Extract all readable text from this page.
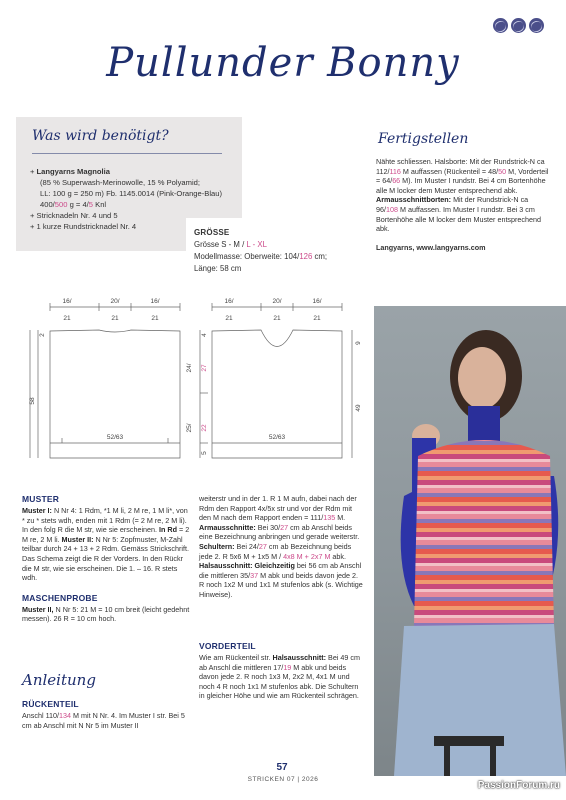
Pullunder Bonny
Was wird benötigt?
+ Langyarns Magnolia
(85 % Superwash-Merinowolle, 15 % Polyamid;
LL: 100 g = 250 m) Fb. 1145.0014 (Pink-Orange-Blau)
400/500 g = 4/5 Knl
+ Stricknadeln Nr. 4 und 5
+ 1 kurze Rundstricknadel Nr. 4
GRÖSSE
Grösse S - M / L - XL
Modellmasse: Oberweite: 104/126 cm;
Länge: 58 cm
Fertigstellen
Nähte schliessen. Halsborte: Mit der Rundstrick-N ca 112/116 M auffassen (Rückenteil = 48/50 M, Vorderteil = 64/66 M). Im Muster I rundstr. Bei 4 cm Bortenhöhe alle M locker dem Muster entsprechend abk. Armausschnittborten: Mit der Rundstrick-N ca 96/108 M auffassen. Im Muster I rundstr. Bei 3 cm Bortenhöhe alle M locker dem Muster entsprechend abk.
Langyarns, www.langyarns.com
16/	20/	16/
21	21	21
16/	20/	16/
21	21	21
52/63	52/63
2
58
4
24/ 27
25/ 22
5
9
49
MUSTER
Muster I: N Nr 4: 1 Rdm, *1 M li, 2 M re, 1 M li*, von * zu * stets wdh, enden mit 1 Rdm (= 2 M re, 2 M li). In den folg R die M str, wie sie erscheinen. In Rd = 2 M re, 2 M li. Muster II: N Nr 5: Zopfmuster, M-Zahl teilbar durch 24 + 13 + 2 Rdm. Gemäss Strickschrift. Das Schema zeigt die R der Vorders. In den Rückr die M str, wie sie erscheinen. Die 1. – 16. R stets wdh.
MASCHENPROBE
Muster II, N Nr 5: 21 M = 10 cm breit (leicht gedehnt messen). 26 R = 10 cm hoch.
Anleitung
RÜCKENTEIL
Anschl 110/134 M mit N Nr. 4. Im Muster I str. Bei 5 cm ab Anschl mit N Nr 5 im Muster II
weiterstr und in der 1. R 1 M aufn, dabei nach der Rdm den Rapport 4x/5x str und vor der Rdm mit den M nach dem Rapport enden = 111/135 M. Armausschnitte: Bei 30/27 cm ab Anschl beids eine Bezeichnung anbringen und gerade weiterstr. Schultern: Bei 24/27 cm ab Bezeichnung beids jede 2. R 5x6 M + 1x5 M / 4x8 M + 2x7 M abk. Halsausschnitt: Gleichzeitig bei 56 cm ab Anschl die mittleren 35/37 M abk und beids davon jede 2. R noch 1x2 M und 1x1 M stufenlos abk (s. Wichtige Hinweise).
VORDERTEIL
Wie am Rückenteil str. Halsausschnitt: Bei 49 cm ab Anschl die mittleren 17/19 M abk und beids davon jede 2. R noch 1x3 M, 2x2 M, 4x1 M und noch 4 R noch 1x1 M stufenlos abk. Die Schultern in gleicher Höhe und wie am Rückenteil schrägen.
57
STRICKEN 07 | 2026
PassionForum.ru
